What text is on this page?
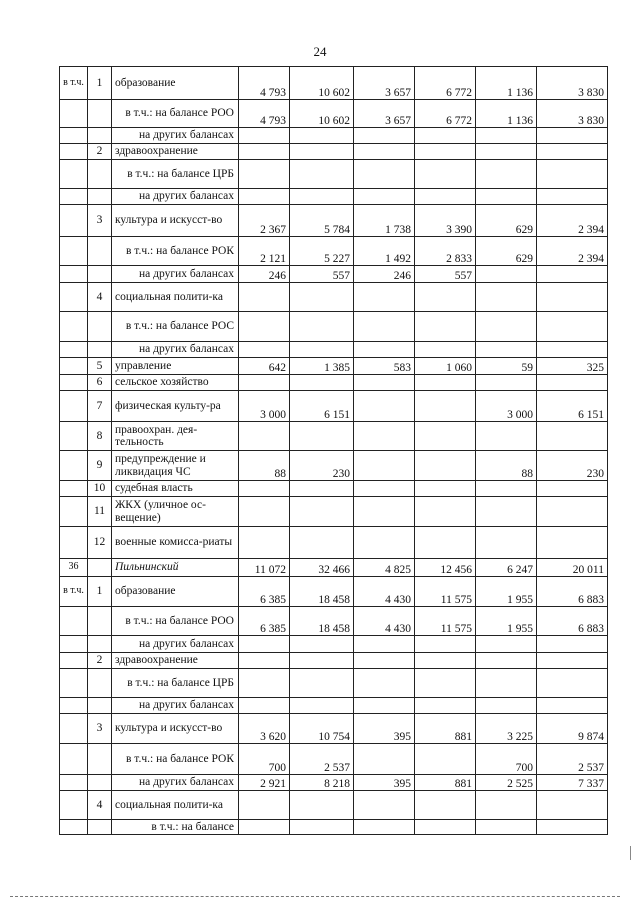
24
в т.ч.	1	образование	4 793	10 602	3 657	6 772	1 136	3 830
		в т.ч.: на балансе РОО	4 793	10 602	3 657	6 772	1 136	3 830
		на других балансах						
	2	здравоохранение						
		в т.ч.: на балансе ЦРБ						
		на других балансах						
	3	культура и искусст-во	2 367	5 784	1 738	3 390	629	2 394
		в т.ч.: на балансе РОК	2 121	5 227	1 492	2 833	629	2 394
		на других балансах	246	557	246	557		
	4	социальная полити-ка						
		в т.ч.: на балансе РОС						
		на других балансах						
	5	управление	642	1 385	583	1 060	59	325
	6	сельское хозяйство						
	7	физическая культу-ра	3 000	6 151			3 000	6 151
	8	правоохран. дея-тельность						
	9	предупреждение и ликвидация ЧС	88	230			88	230
	10	судебная власть						
	11	ЖКХ (уличное ос-вещение)						
	12	военные комисса-риаты						
36		Пильнинский	11 072	32 466	4 825	12 456	6 247	20 011
в т.ч.	1	образование	6 385	18 458	4 430	11 575	1 955	6 883
		в т.ч.: на балансе РОО	6 385	18 458	4 430	11 575	1 955	6 883
		на других балансах						
	2	здравоохранение						
		в т.ч.: на балансе ЦРБ						
		на других балансах						
	3	культура и искусст-во	3 620	10 754	395	881	3 225	9 874
		в т.ч.: на балансе РОК	700	2 537			700	2 537
		на других балансах	2 921	8 218	395	881	2 525	7 337
	4	социальная полити-ка						
		в т.ч.: на балансе						
